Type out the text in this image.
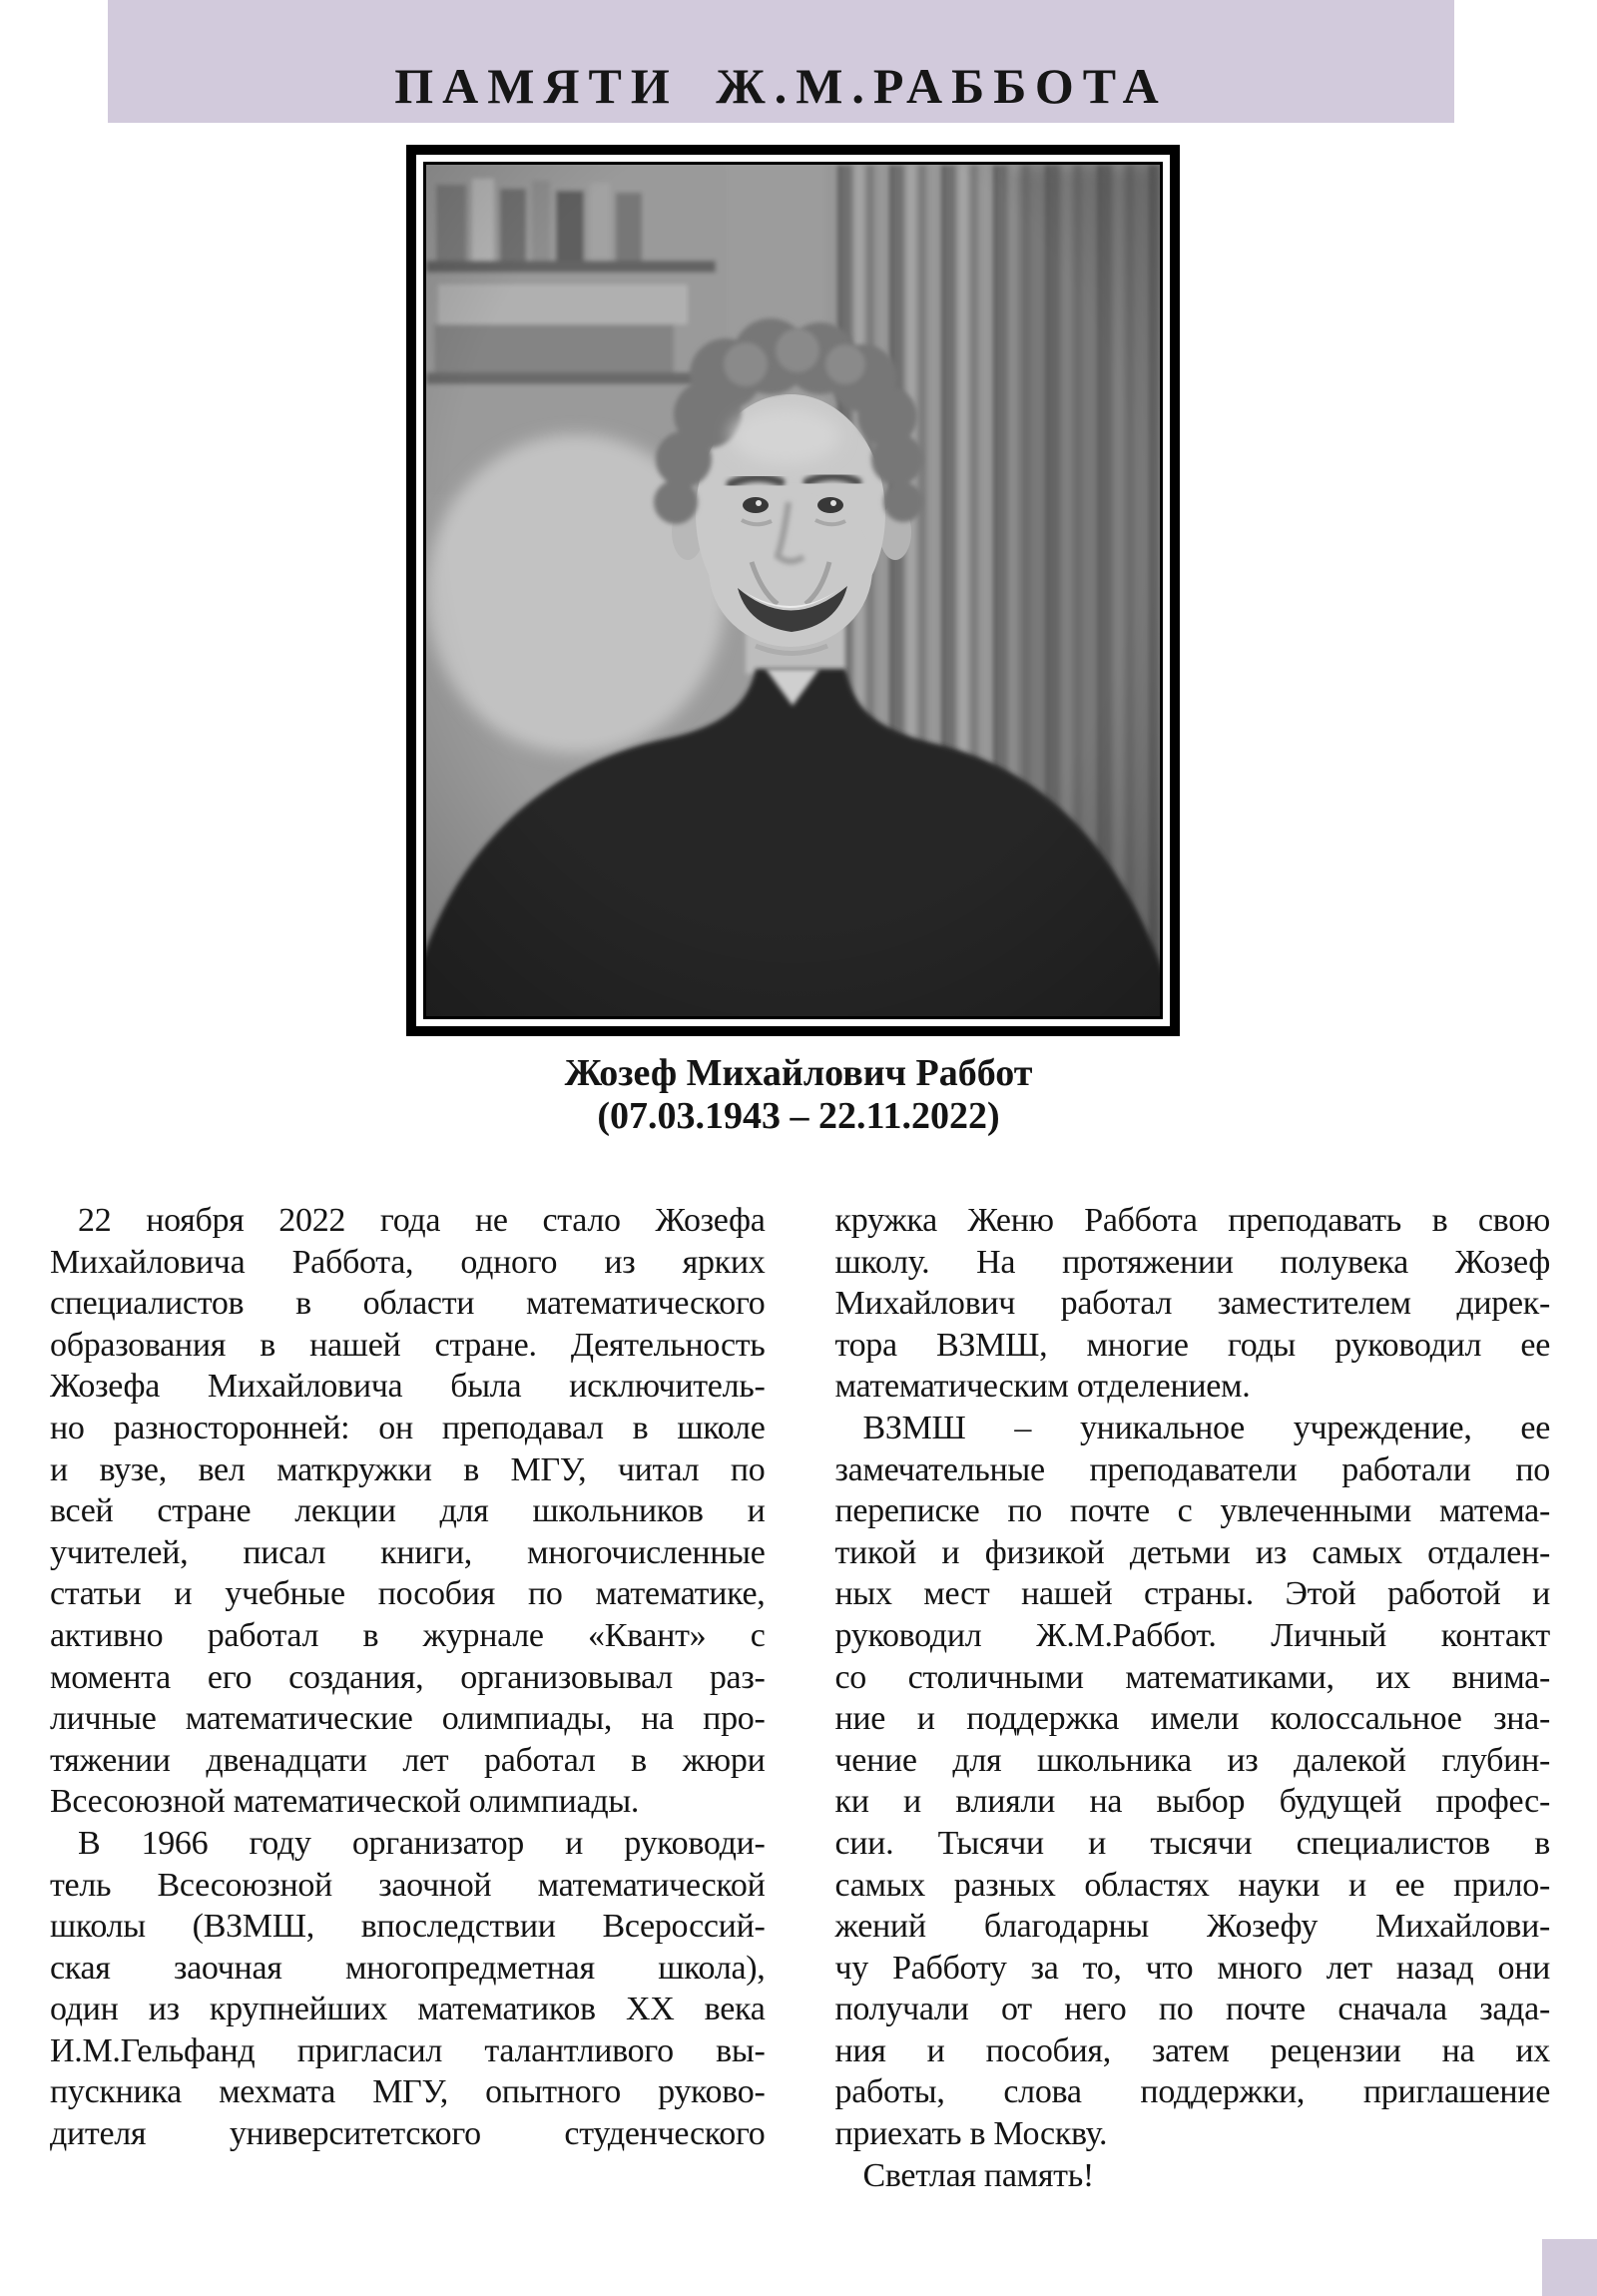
ПАМЯТИ Ж.М.РАББОТА
Жозеф Михайлович Раббот
(07.03.1943 – 22.11.2022)
22 ноября 2022 года не стало Жозефа
Михайловича Раббота, одного из ярких
специалистов в области математического
образования в нашей стране. Деятельность
Жозефа Михайловича была исключитель-
но разносторонней: он преподавал в школе
и вузе, вел маткружки в МГУ, читал по
всей стране лекции для школьников и
учителей, писал книги, многочисленные
статьи и учебные пособия по математике,
активно работал в журнале «Квант» с
момента его создания, организовывал раз-
личные математические олимпиады, на про-
тяжении двенадцати лет работал в жюри
Всесоюзной математической олимпиады.
В 1966 году организатор и руководи-
тель Всесоюзной заочной математической
школы (ВЗМШ, впоследствии Всероссий-
ская заочная многопредметная школа),
один из крупнейших математиков XX века
И.М.Гельфанд пригласил талантливого вы-
пускника мехмата МГУ, опытного руково-
дителя университетского студенческого
кружка Женю Раббота преподавать в свою
школу. На протяжении полувека Жозеф
Михайлович работал заместителем дирек-
тора ВЗМШ, многие годы руководил ее
математическим отделением.
ВЗМШ – уникальное учреждение, ее
замечательные преподаватели работали по
переписке по почте с увлеченными матема-
тикой и физикой детьми из самых отдален-
ных мест нашей страны. Этой работой и
руководил Ж.М.Раббот. Личный контакт
со столичными математиками, их внима-
ние и поддержка имели колоссальное зна-
чение для школьника из далекой глубин-
ки и влияли на выбор будущей профес-
сии. Тысячи и тысячи специалистов в
самых разных областях науки и ее прило-
жений благодарны Жозефу Михайлови-
чу Рабботу за то, что много лет назад они
получали от него по почте сначала зада-
ния и пособия, затем рецензии на их
работы, слова поддержки, приглашение
приехать в Москву.
Светлая память!
